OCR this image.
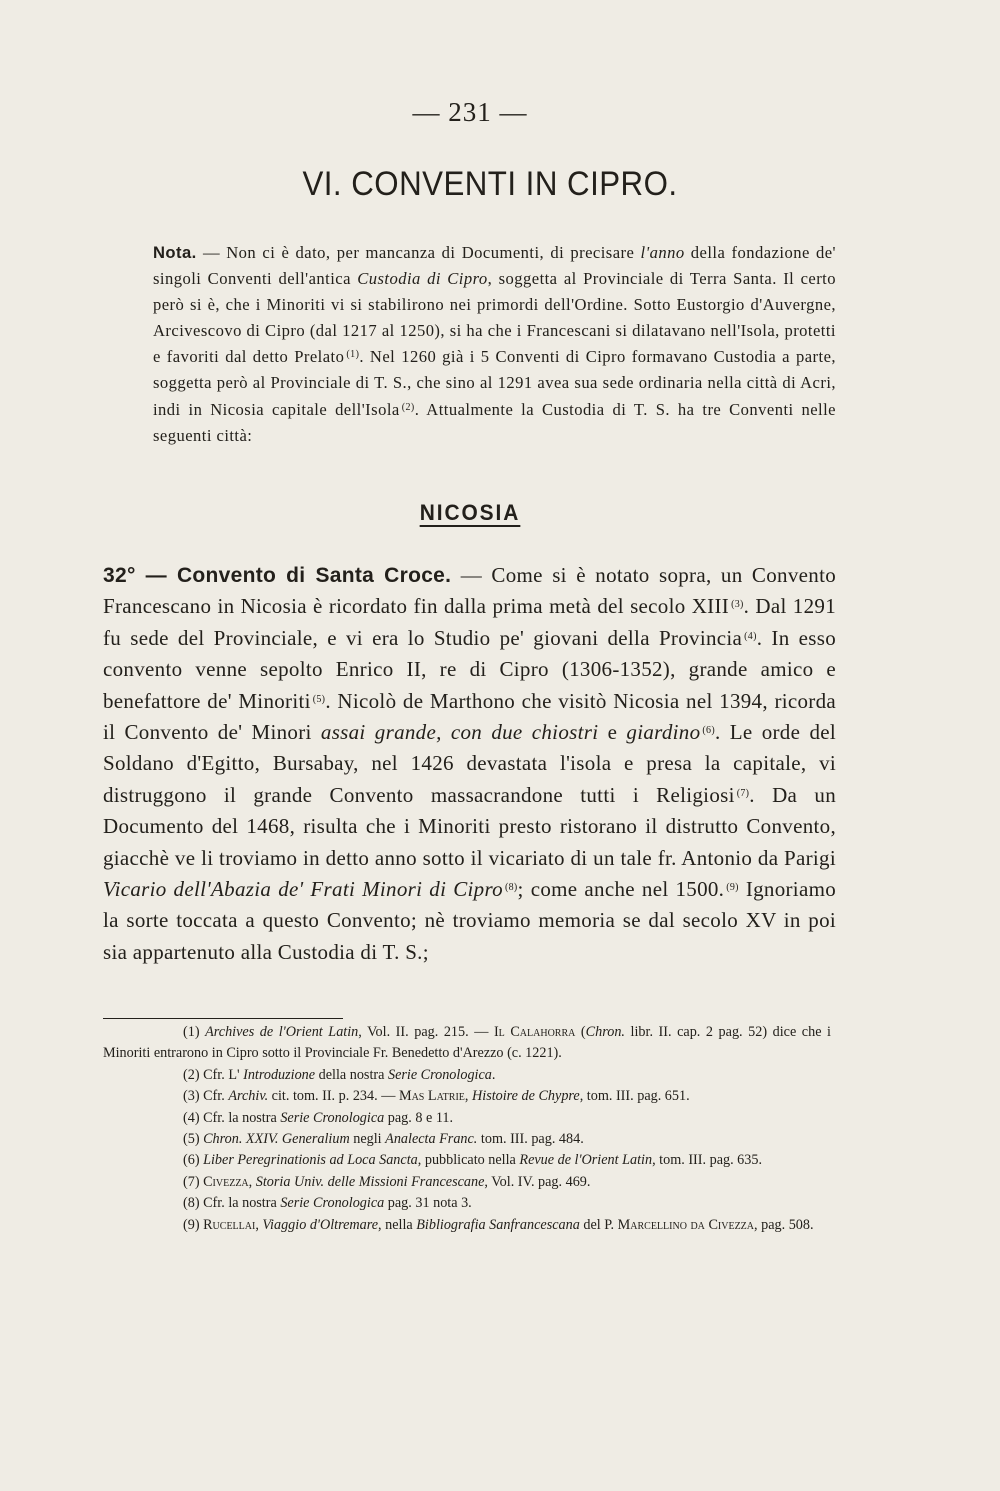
— 231 —
VI. CONVENTI IN CIPRO.
Nota. — Non ci è dato, per mancanza di Documenti, di precisare l'anno della fondazione de' singoli Conventi dell'antica Custodia di Cipro, soggetta al Provinciale di Terra Santa. Il certo però si è, che i Minoriti vi si stabilirono nei primordi dell'Ordine. Sotto Eustorgio d'Auvergne, Arcivescovo di Cipro (dal 1217 al 1250), si ha che i Francescani si dilatavano nell'Isola, protetti e favoriti dal detto Prelato $^{(1)}$. Nel 1260 già i 5 Conventi di Cipro formavano Custodia a parte, soggetta però al Provinciale di T. S., che sino al 1291 avea sua sede ordinaria nella città di Acri, indi in Nicosia capitale dell'Isola $^{(2)}$. Attualmente la Custodia di T. S. ha tre Conventi nelle seguenti città:
NICOSIA
32° — Convento di Santa Croce. — Come si è notato sopra, un Convento Francescano in Nicosia è ricordato fin dalla prima metà del secolo XIII $^{(3)}$. Dal 1291 fu sede del Provinciale, e vi era lo Studio pe' giovani della Provincia $^{(4)}$. In esso convento venne sepolto Enrico II, re di Cipro (1306-1352), grande amico e benefattore de' Minoriti $^{(5)}$. Nicolò de Marthono che visitò Nicosia nel 1394, ricorda il Convento de' Minori assai grande, con due chiostri e giardino $^{(6)}$. Le orde del Soldano d'Egitto, Bursabay, nel 1426 devastata l'isola e presa la capitale, vi distruggono il grande Convento massacrandone tutti i Religiosi $^{(7)}$. Da un Documento del 1468, risulta che i Minoriti presto ristorano il distrutto Convento, giacchè ve li troviamo in detto anno sotto il vicariato di un tale fr. Antonio da Parigi Vicario dell'Abazia de' Frati Minori di Cipro $^{(8)}$; come anche nel 1500. $^{(9)}$ Ignoriamo la sorte toccata a questo Convento; nè troviamo memoria se dal secolo XV in poi sia appartenuto alla Custodia di T. S.;

(1) Archives de l'Orient Latin, Vol. II. pag. 215. — Il Calahorra (Chron. libr. II. cap. 2 pag. 52) dice che i Minoriti entrarono in Cipro sotto il Provinciale Fr. Benedetto d'Arezzo (c. 1221).

(2) Cfr. L' Introduzione della nostra Serie Cronologica.

(3) Cfr. Archiv. cit. tom. II. p. 234. — Mas Latrie, Histoire de Chypre, tom. III. pag. 651.

(4) Cfr. la nostra Serie Cronologica pag. 8 e 11.

(5) Chron. XXIV. Generalium negli Analecta Franc. tom. III. pag. 484.

(6) Liber Peregrinationis ad Loca Sancta, pubblicato nella Revue de l'Orient Latin, tom. III. pag. 635.

(7) Civezza, Storia Univ. delle Missioni Francescane, Vol. IV. pag. 469.

(8) Cfr. la nostra Serie Cronologica pag. 31 nota 3.

(9) Rucellai, Viaggio d'Oltremare, nella Bibliografia Sanfrancescana del P. Marcellino da Civezza, pag. 508.
